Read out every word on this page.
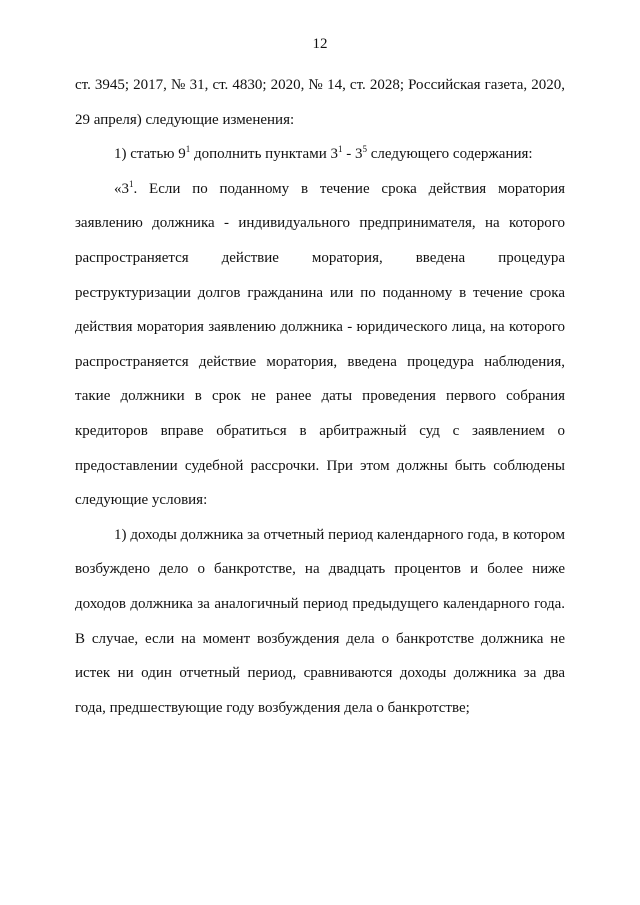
12

ст. 3945; 2017, № 31, ст. 4830; 2020, № 14, ст. 2028; Российская газета, 2020, 29 апреля) следующие изменения:

1) статью $9^1$ дополнить пунктами $3^1 - 3^5$ следующего содержания:

«$3^1$. Если по поданному в течение срока действия моратория заявлению должника - индивидуального предпринимателя, на которого распространяется действие моратория, введена процедура реструктуризации долгов гражданина или по поданному в течение срока действия моратория заявлению должника - юридического лица, на которого распространяется действие моратория, введена процедура наблюдения, такие должники в срок не ранее даты проведения первого собрания кредиторов вправе обратиться в арбитражный суд с заявлением о предоставлении судебной рассрочки. При этом должны быть соблюдены следующие условия:

1) доходы должника за отчетный период календарного года, в котором возбуждено дело о банкротстве, на двадцать процентов и более ниже доходов должника за аналогичный период предыдущего календарного года. В случае, если на момент возбуждения дела о банкротстве должника не истек ни один отчетный период, сравниваются доходы должника за два года, предшествующие году возбуждения дела о банкротстве;
